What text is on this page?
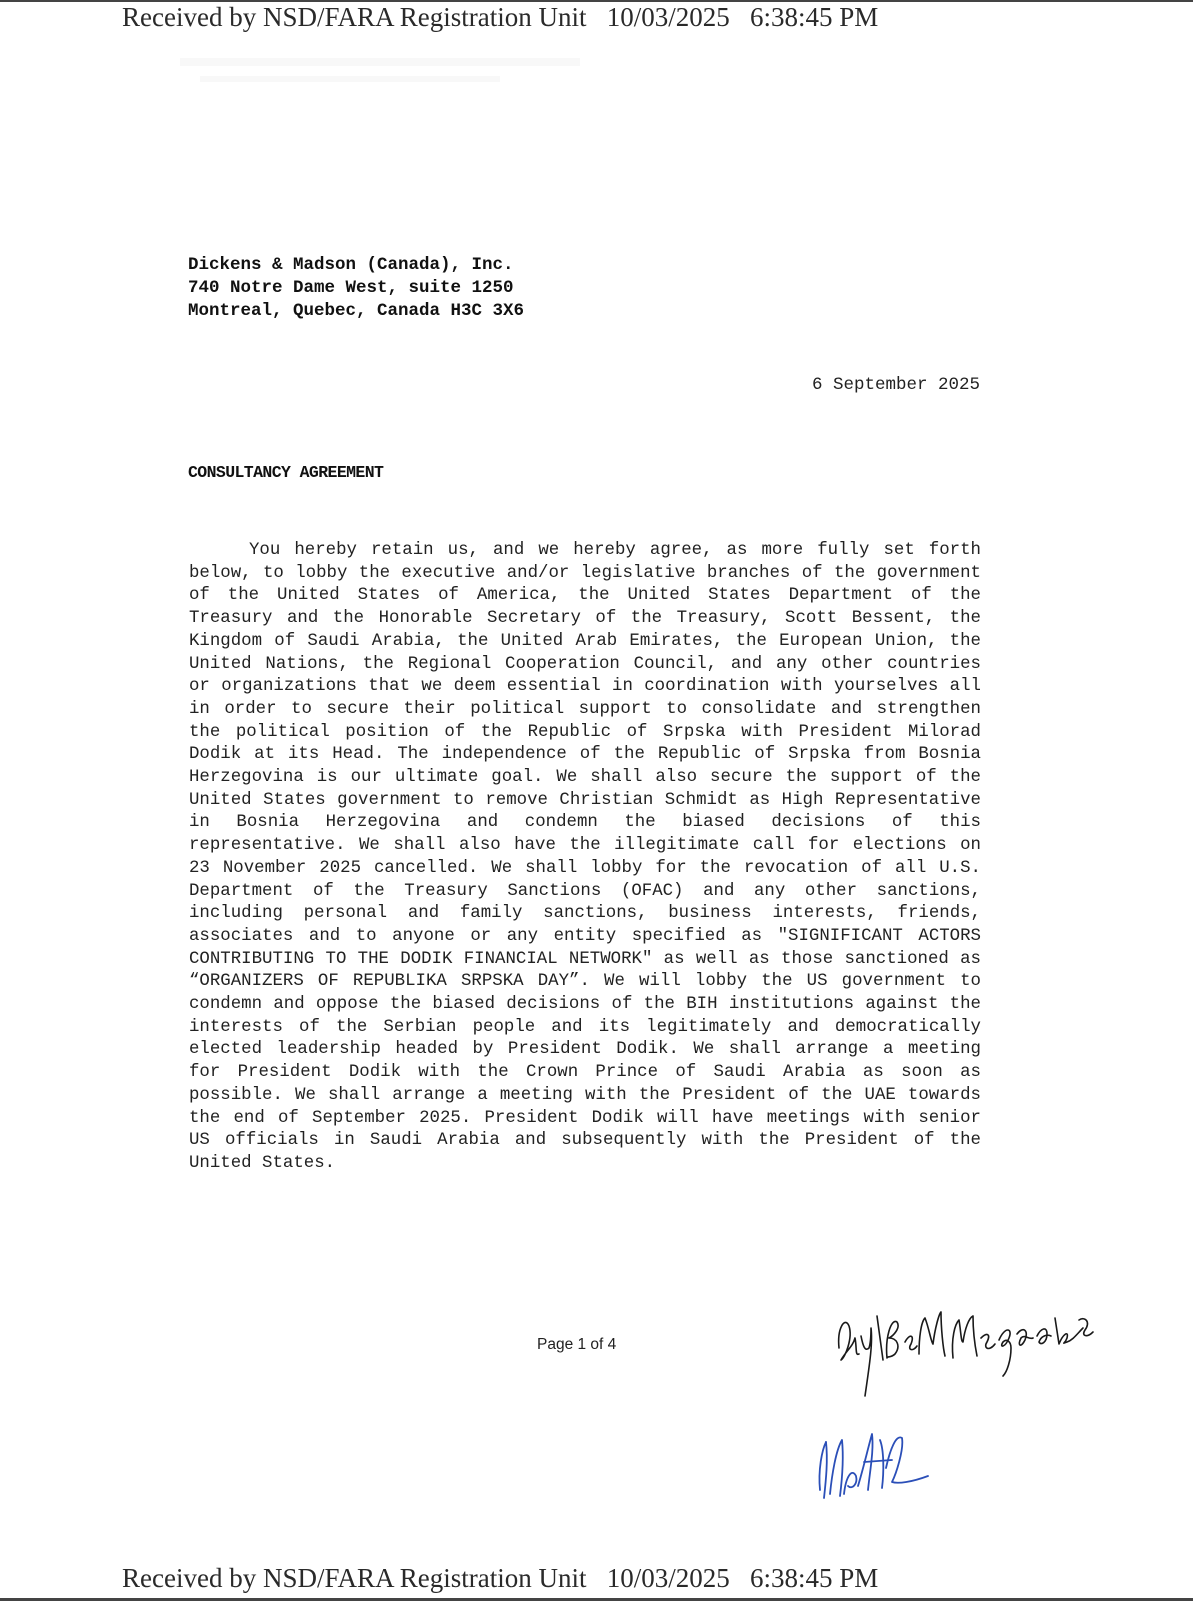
Received by NSD/FARA Registration Unit   10/03/2025   6:38:45 PM
Dickens & Madson (Canada), Inc.
740 Notre Dame West, suite 1250
Montreal, Quebec, Canada H3C 3X6
6 September 2025
CONSULTANCY AGREEMENT

You hereby retain us, and we hereby agree, as more fully set forth below, to lobby the executive and/or legislative branches of the government of the United States of America, the United States Department of the Treasury and the Honorable Secretary of the Treasury, Scott Bessent, the Kingdom of Saudi Arabia, the United Arab Emirates, the European Union, the United Nations, the Regional Cooperation Council, and any other countries or organizations that we deem essential in coordination with yourselves all in order to secure their political support to consolidate and strengthen the political position of the Republic of Srpska with President Milorad Dodik at its Head. The independence of the Republic of Srpska from Bosnia Herzegovina is our ultimate goal. We shall also secure the support of the United States government to remove Christian Schmidt as High Representative in Bosnia Herzegovina and condemn the biased decisions of this representative. We shall also have the illegitimate call for elections on 23 November 2025 cancelled. We shall lobby for the revocation of all U.S. Department of the Treasury Sanctions (OFAC) and any other sanctions, including personal and family sanctions, business interests, friends, associates and to anyone or any entity specified as "SIGNIFICANT ACTORS CONTRIBUTING TO THE DODIK FINANCIAL NETWORK" as well as those sanctioned as “ORGANIZERS OF REPUBLIKA SRPSKA DAY”. We will lobby the US government to condemn and oppose the biased decisions of the BIH institutions against the interests of the Serbian people and its legitimately and democratically elected leadership headed by President Dodik. We shall arrange a meeting for President Dodik with the Crown Prince of Saudi Arabia as soon as possible. We shall arrange a meeting with the President of the UAE towards the end of September 2025. President Dodik will have meetings with senior US officials in Saudi Arabia and subsequently with the President of the United States.

Page 1 of 4
Received by NSD/FARA Registration Unit   10/03/2025   6:38:45 PM
